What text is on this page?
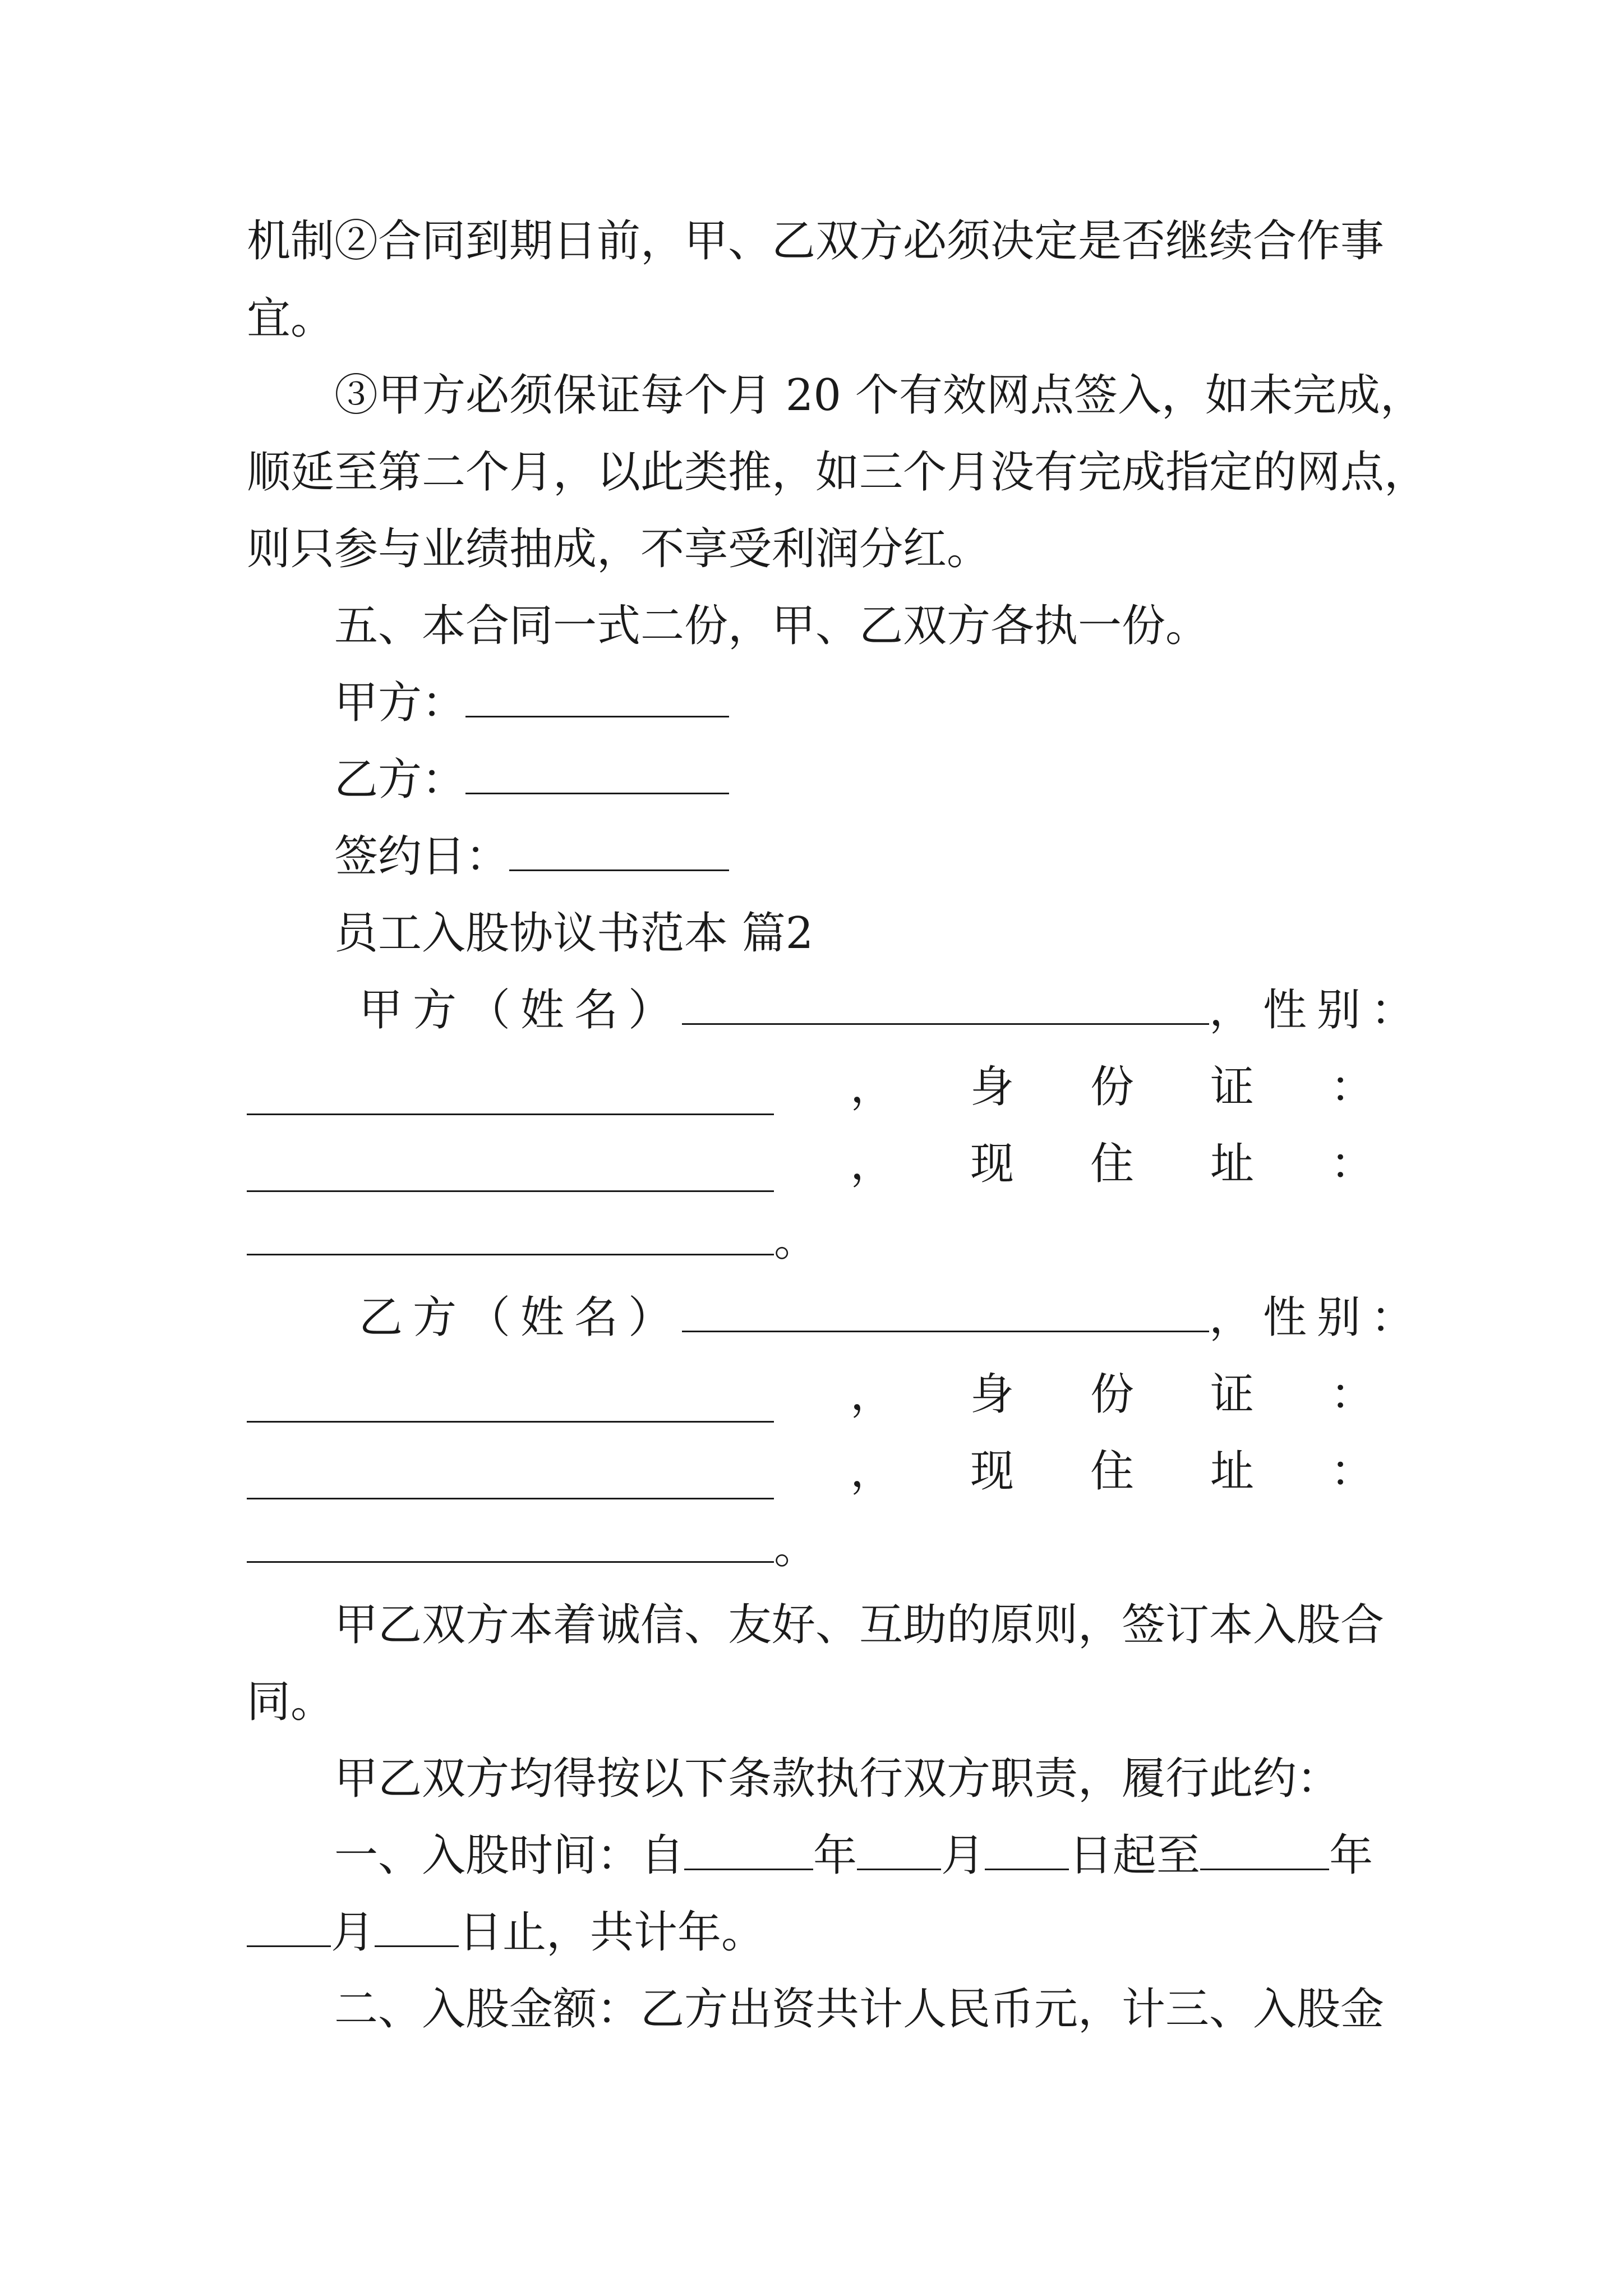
机制②合同到期日前，甲、乙双方必须决定是否继续合作事
宜。
③甲方必须保证每个月 20 个有效网点签入，如未完成，
顺延至第二个月，以此类推，如三个月没有完成指定的网点，
则只参与业绩抽成，不享受利润分红。
五、本合同一式二份，甲、乙双方各执一份。
甲方：
乙方：
签约日：
员工入股协议书范本 篇2
甲方（姓名）	，性别：
， 身 份 证 ：
， 现 住 址 ：
。
乙方（姓名）	，性别：
， 身 份 证 ：
， 现 住 址 ：
。
甲乙双方本着诚信、友好、互助的原则，签订本入股合
同。
甲乙双方均得按以下条款执行双方职责，履行此约：
一、入股时间：自	年 月 日起至	年
月 日止，共计年。
二、入股金额：乙方出资共计人民币元，计三、入股金
